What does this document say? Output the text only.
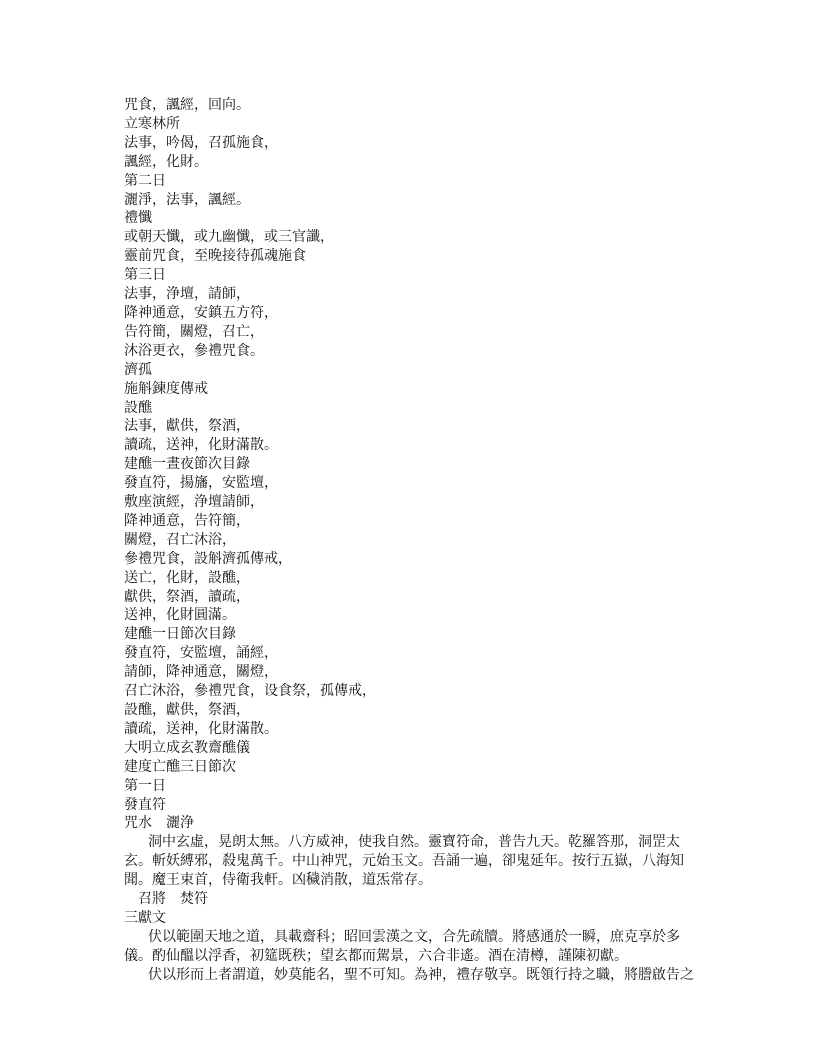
咒食，諷經，回向。
立寒林所
法事，吟偈，召孤施食，
諷經，化財。
第二日
灑淨，法事，諷經。
禮懺
或朝天懺，或九幽懺，或三官讖，
靈前咒食，至晚接待孤魂施食
第三日
法事，浄壇，請師，
降神通意，安鎮五方符，
告符簡，關燈，召亡，
沐浴更衣，參禮咒食。
濟孤
施斛鍊度傳戒
設醮
法事，獻供，祭酒，
讀疏，送神，化財滿散。
建醮一晝夜節次目錄
發直符，揚旛，安監壇，
敷座演經，浄壇請師，
降神通意，告符簡，
關燈，召亡沐浴，
參禮咒食，設斛濟孤傳戒，
送亡，化財，設醮，
獻供，祭酒，讀疏，
送神，化財圓滿。
建醮一日節次目錄
發直符，安監壇，誦經，
請師，降神通意，關燈，
召亡沐浴，參禮咒食，设食祭，孤傳戒，
設醮，獻供，祭酒，
讀疏，送神，化財滿散。
大明立成玄教齋醮儀
建度亡醮三日節次
第一日
發直符
咒水　灑浄
洞中玄虛，晃朗太無。八方威神，使我自然。靈寶符命，普告九天。乾羅答那，洞罡太玄。斬妖縛邪，殺鬼萬千。中山神咒，元始玉文。吾誦一遍，卻鬼延年。按行五嶽，八海知聞。魔王束首，侍衛我軒。凶穢消散，道炁常存。
　召將　焚符
三獻文
伏以範圍天地之道，具載齋科；昭回雲漢之文，合先疏牘。將感通於一瞬，庶克享於多儀。酌仙醞以浮香，初筵既秩；望玄都而駕景，六合非遙。酒在清樽，謹陳初獻。
伏以形而上者謂道，妙莫能名，聖不可知。為神，禮存敬享。既領行持之職，將謄啟告之
